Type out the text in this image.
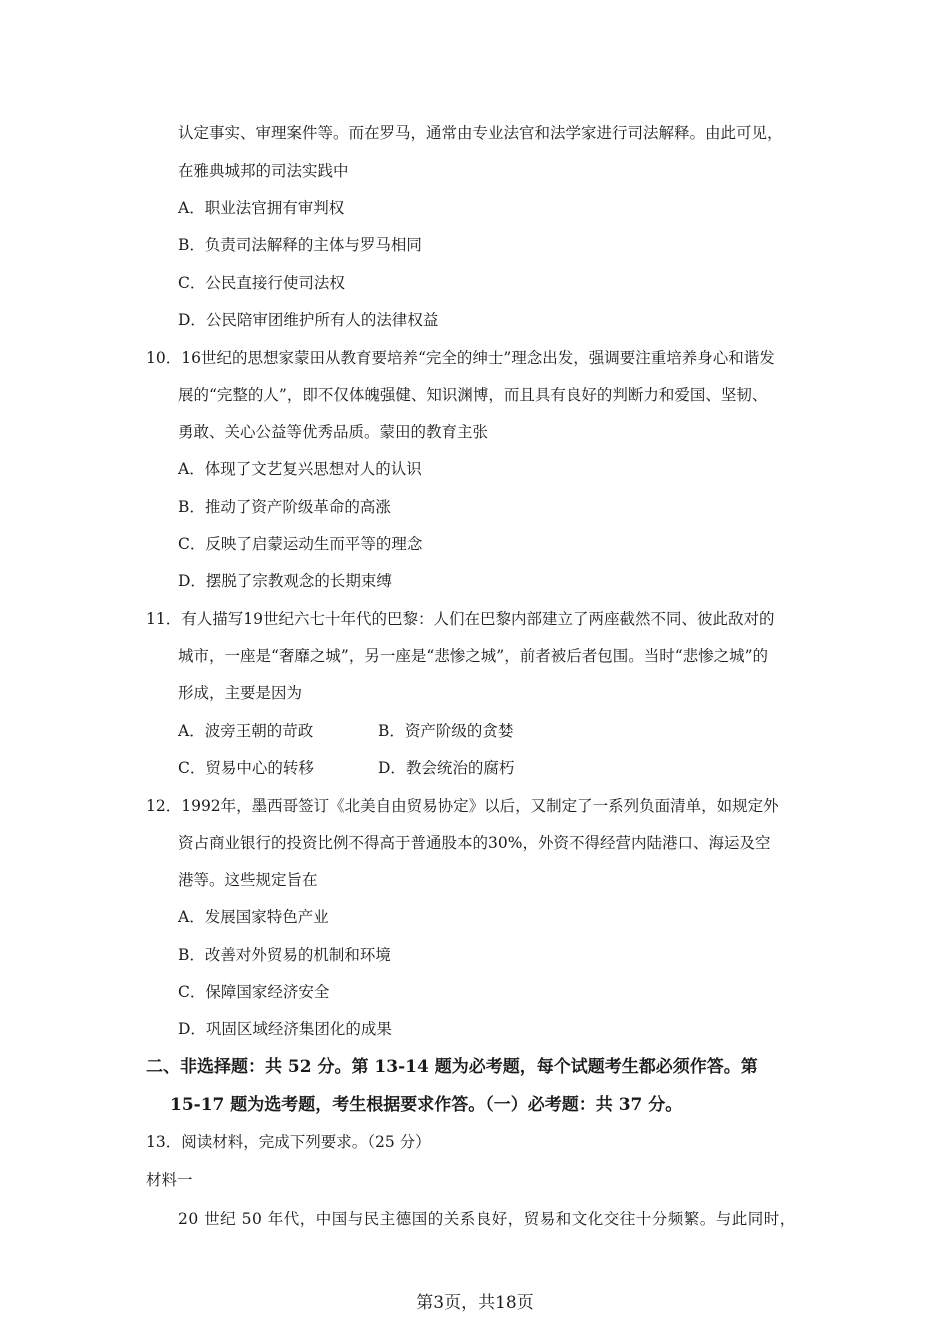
认定事实、审理案件等。而在罗马，通常由专业法官和法学家进行司法解释。由此可见，
在雅典城邦的司法实践中
A．职业法官拥有审判权
B．负责司法解释的主体与罗马相同
C．公民直接行使司法权
D．公民陪审团维护所有人的法律权益
10．16世纪的思想家蒙田从教育要培养“完全的绅士”理念出发，强调要注重培养身心和谐发
展的“完整的人”，即不仅体魄强健、知识渊博，而且具有良好的判断力和爱国、坚韧、
勇敢、关心公益等优秀品质。蒙田的教育主张
A．体现了文艺复兴思想对人的认识
B．推动了资产阶级革命的高涨
C．反映了启蒙运动生而平等的理念
D．摆脱了宗教观念的长期束缚
11．有人描写19世纪六七十年代的巴黎：人们在巴黎内部建立了两座截然不同、彼此敌对的
城市，一座是“奢靡之城”，另一座是“悲惨之城”，前者被后者包围。当时“悲惨之城”的
形成，主要是因为
A．波旁王朝的苛政	B．资产阶级的贪婪
C．贸易中心的转移	D．教会统治的腐朽
12．1992年，墨西哥签订《北美自由贸易协定》以后，又制定了一系列负面清单，如规定外
资占商业银行的投资比例不得高于普通股本的30%，外资不得经营内陆港口、海运及空
港等。这些规定旨在
A．发展国家特色产业
B．改善对外贸易的机制和环境
C．保障国家经济安全
D．巩固区域经济集团化的成果
二、非选择题：共 52 分。第 13-14 题为必考题，每个试题考生都必须作答。第
15-17 题为选考题，考生根据要求作答。（一）必考题：共 37 分。
13．阅读材料，完成下列要求。（25 分）
材料一
20 世纪 50 年代，中国与民主德国的关系良好，贸易和文化交往十分频繁。与此同时，
第3页，共18页
